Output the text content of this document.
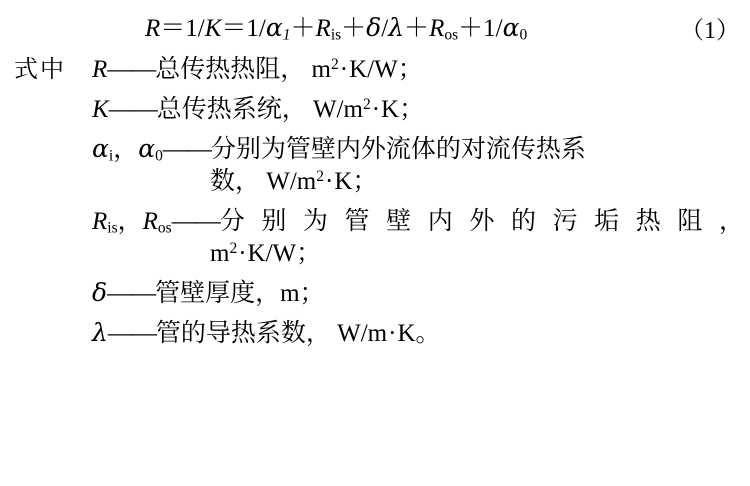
$R=1/K=1/\alpha_1+R_{is}+\delta/\lambda+R_{os}+1/\alpha_0$	（1）
式中	R—— 总传热热阻， $m^2\cdot K/W$；
K—— 总传热系统， $W/m^2\cdot K$；
$\alpha_i$，$\alpha_0——$ 分别为管壁内外流体的对流传热系
数， $W/m^2\cdot K$；
$R_{is}$，$R_{os}——$ 分别为管壁内外的污垢热阻，
$m^2\cdot K/W$；
δ—— 管壁厚度，m；
λ—— 管的导热系数， W/m·K。
